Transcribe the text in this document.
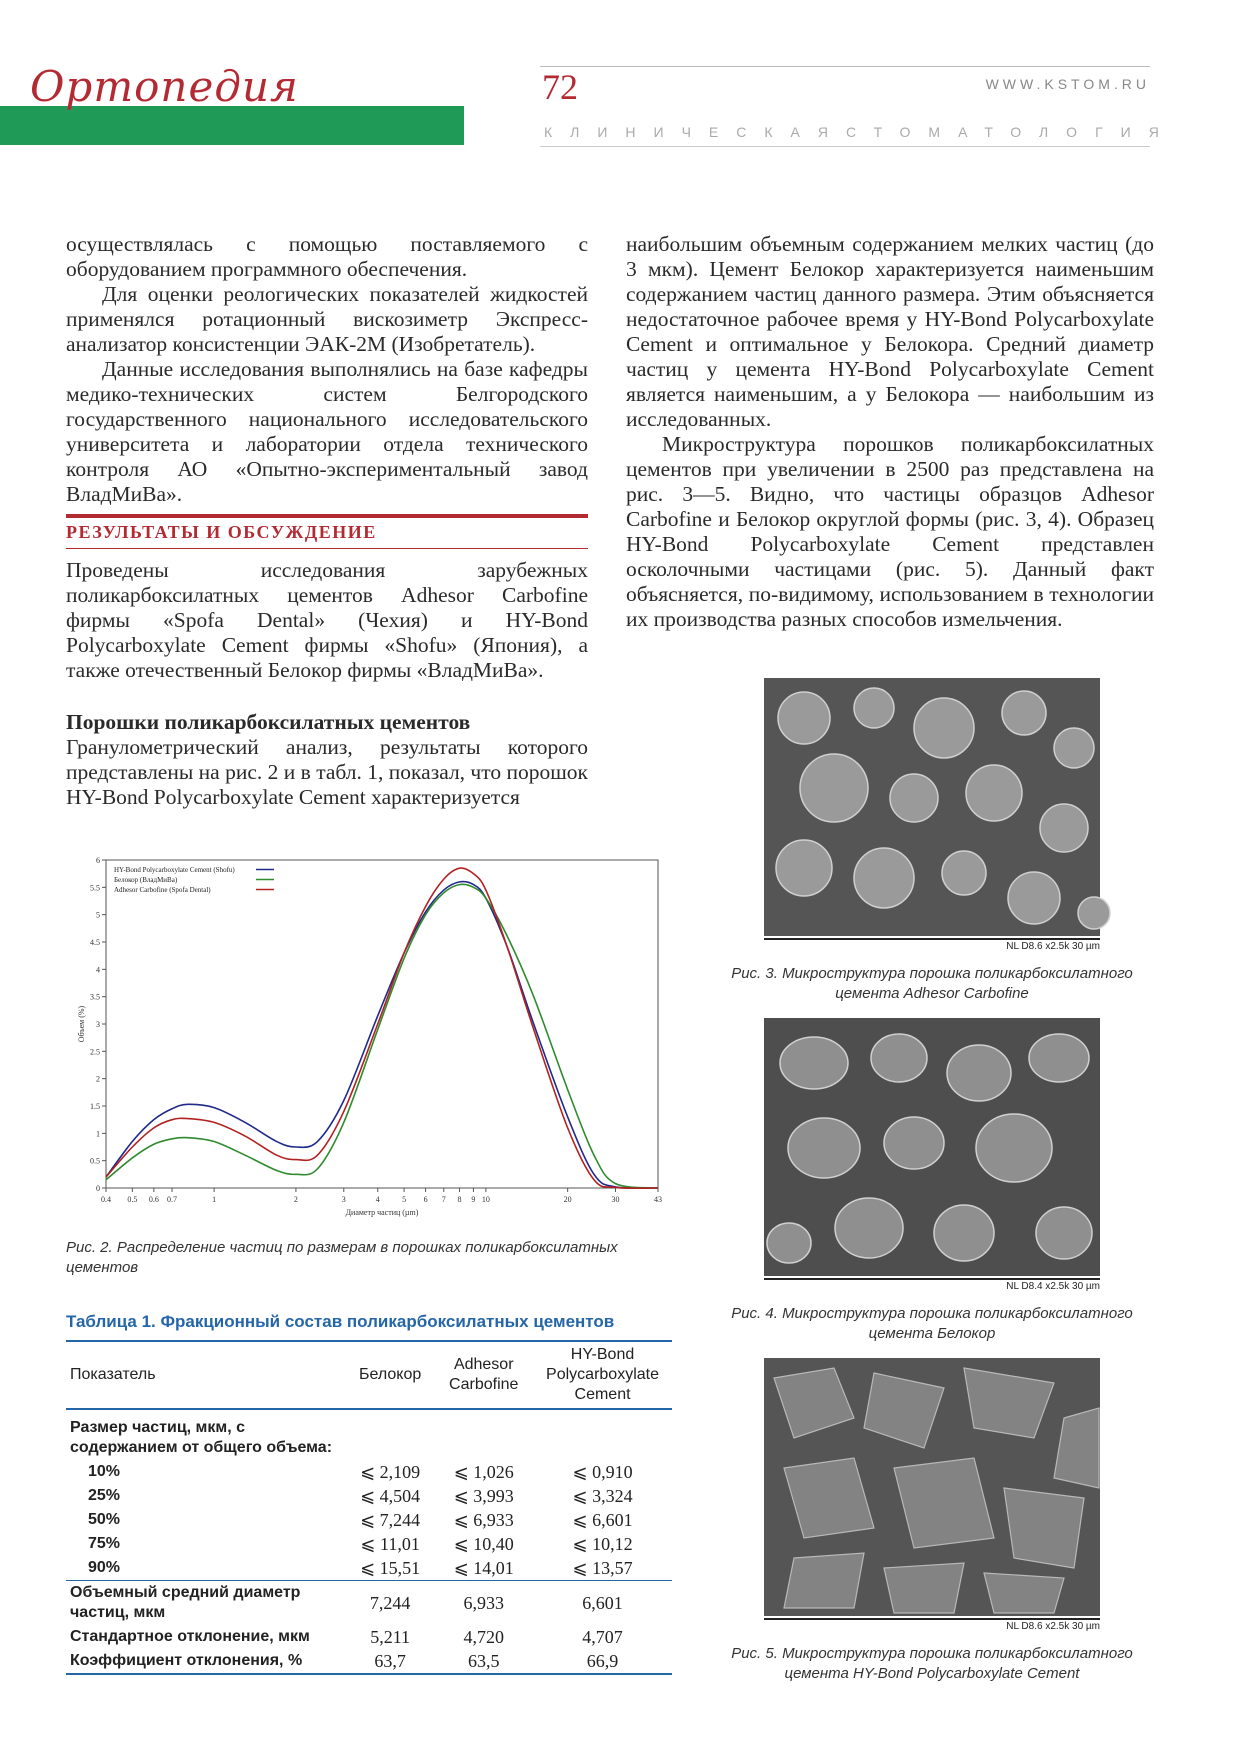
Ортопедия	72	WWW.KSTOM.RU
КЛИНИЧЕСКАЯ СТОМАТОЛОГИЯ

осуществлялась с помощью поставляемого с оборудованием программного обеспечения.

Для оценки реологических показателей жидкостей применялся ротационный вискозиметр Экспресс-анализатор консистенции ЭАК-2М (Изобретатель).

Данные исследования выполнялись на базе кафедры медико-технических систем Белгородского государственного национального исследовательского университета и лаборатории отдела технического контроля АО «Опытно-экспериментальный завод ВладМиВа».

РЕЗУЛЬТАТЫ И ОБСУЖДЕНИЕ
Проведены исследования зарубежных поликарбоксилатных цементов Adhesor Carbofine фирмы «Spofa Dental» (Чехия) и HY-Bond Polycarboxylate Cement фирмы «Shofu» (Япония), а также отечественный Белокор фирмы «ВладМиВа».
Порошки поликарбоксилатных цементов
Гранулометрический анализ, результаты которого представлены на рис. 2 и в табл. 1, показал, что порошок HY-Bond Polycarboxylate Cement характеризуется

наибольшим объемным содержанием мелких частиц (до 3 мкм). Цемент Белокор характеризуется наименьшим содержанием частиц данного размера. Этим объясняется недостаточное рабочее время у HY-Bond Polycarboxylate Cement и оптимальное у Белокора. Средний диаметр частиц у цемента HY-Bond Polycarboxylate Cement является наименьшим, а у Белокора — наибольшим из исследованных.

Микроструктура порошков поликарбоксилатных цементов при увеличении в 2500 раз представлена на рис. 3—5. Видно, что частицы образцов Adhesor Carbofine и Белокор округлой формы (рис. 3, 4). Образец HY-Bond Polycarboxylate Cement представлен осколочными частицами (рис. 5). Данный факт объясняется, по-видимому, использованием в технологии их производства разных способов измельчения.

0
0.5
1
1.5
2
2.5
3
3.5
4
4.5
5
5.5
6
0.4 0.5 0.6 0.7	1	2	3	4	5 6 7 8 9 10	20	30	43
Диаметр частиц (µm)
Объем (%)
HY-Bond Polycarboxylate Cement (Shofu)
Белокор (ВладМиВа)
Adhesor Carbofine (Spofa Dental)
Рис. 2. Распределение частиц по размерам в порошках поликарбоксилатных цементов
Таблица 1. Фракционный состав поликарбоксилатных цементов
Показатель	Белокор	Adhesor Carbofine	HY-Bond Polycarboxylate Cement
Размер частиц, мкм, с содержанием от общего объема:			
10%	⩽ 2,109	⩽ 1,026	⩽ 0,910
25%	⩽ 4,504	⩽ 3,993	⩽ 3,324
50%	⩽ 7,244	⩽ 6,933	⩽ 6,601
75%	⩽ 11,01	⩽ 10,40	⩽ 10,12
90%	⩽ 15,51	⩽ 14,01	⩽ 13,57
Объемный средний диаметр частиц, мкм	7,244	6,933	6,601
Стандартное отклонение, мкм	5,211	4,720	4,707
Коэффициент отклонения, %	63,7	63,5	66,9
NL D8.6 x2.5k 30 µm
Рис. 3. Микроструктура порошка поликарбоксилатного цемента Adhesor Carbofine
NL D8.4 x2.5k 30 µm
Рис. 4. Микроструктура порошка поликарбоксилатного цемента Белокор
NL D8.6 x2.5k 30 µm
Рис. 5. Микроструктура порошка поликарбоксилатного цемента HY-Bond Polycarboxylate Cement
